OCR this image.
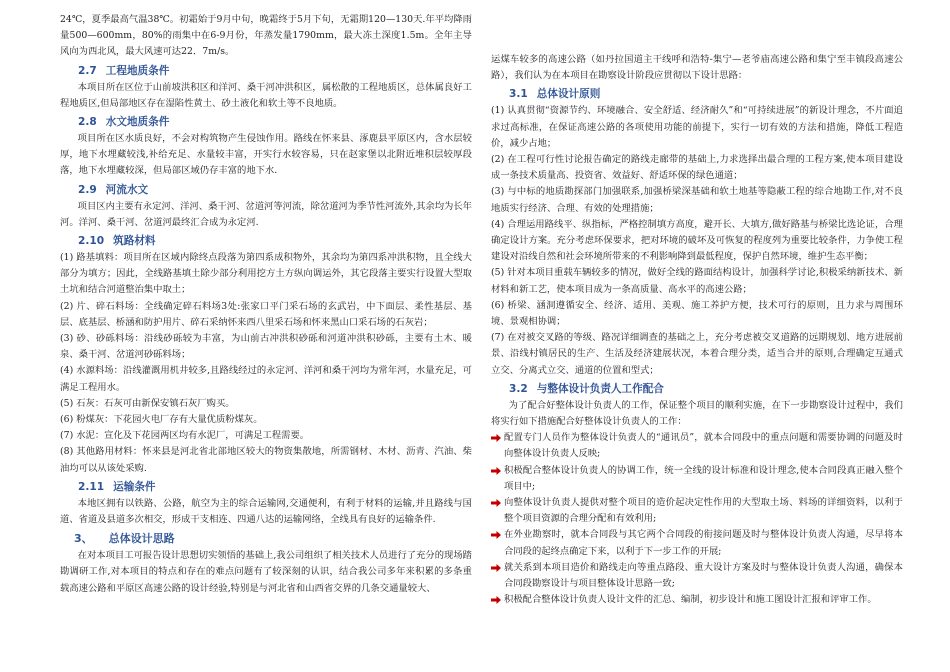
24℃，夏季最高气温38℃。初霜始于9月中旬，晚霜终于5月下旬，无霜期120—130天.年平均降雨量500—600mm，80%的雨集中在6-9月份，年蒸发量1790mm，最大冻土深度1.5m。全年主导风向为西北风，最大风速可达22．7m/s。

2.7 工程地质条件

本项目所在区位于山前坡洪积区和洋河、桑干河冲洪积区，属松散的工程地质区，总体属良好工程地质区,但局部地区存在湿陷性黄土、砂土液化和软土等不良地质。

2.8 水文地质条件

项目所在区水质良好，不会对构筑物产生侵蚀作用。路线在怀来县、涿鹿县平原区内，含水层较厚，地下水埋藏较浅,补给充足、水量较丰富，开实行水较容易，只在赵家堡以北附近堆积层较厚段落，地下水埋藏较深，但局部区域仍存丰富的地下水.

2.9 河流水文

项目区内主要有永定河、洋河、桑干河、岔道河等河流，除岔道河为季节性河流外,其余均为长年河。洋河、桑干河、岔道河最终汇合成为永定河.

2.10 筑路材料

(1) 路基填料：项目所在区域内除终点段落为第四系成积物外，其余均为第四系冲洪积物，且全线大部分为填方；因此，全线路基填土除少部分利用挖方土方纵向调运外，其它段落主要实行设置大型取土坑和结合河道整治集中取土；

(2) 片、碎石料场：全线确定碎石料场3处:张家口平门采石场的玄武岩，中下面层、柔性基层、基层、底基层、桥涵和防护用片、碎石采纳怀来西八里采石场和怀来黑山口采石场的石灰岩；

(3) 砂、砂砾料场：沿线砂砾较为丰富，为山前古冲洪积砂砾和河道冲洪积砂砾，主要有土木、暖泉、桑干河、岔道河砂砾料场；

(4) 水源料场：沿线灌溉用机井较多,且路线经过的永定河、洋河和桑干河均为常年河，水量充足，可满足工程用水。

(5) 石灰：石灰可由新保安镇石灰厂购买。

(6) 粉煤灰：下花园火电厂存有大量优质粉煤灰。

(7) 水泥：宣化及下花园两区均有水泥厂，可满足工程需要。

(8) 其他路用材料：怀来县是河北省北部地区较大的物资集散地，所需钢材、木材、沥青、汽油、柴油均可以从该处采购.

2.11 运输条件

本地区拥有以铁路、公路，航空为主的综合运输网,交通便利，有利于材料的运输,并且路线与国道、省道及县道多次相交，形成干支相连、四通八达的运输网络，全线具有良好的运输条件.

3、 总体设计思路

在对本项目工可报告设计思想切实领悟的基础上,我公司组织了相关技术人员进行了充分的现场踏勘调研工作,对本项目的特点和存在的难点问题有了较深刻的认识，结合我公司多年来积累的多条重载高速公路和平原区高速公路的设计经验,特别是与河北省和山西省交界的几条交通量较大、

运煤车较多的高速公路（如丹拉国道主干线呼和浩特-集宁—老爷庙高速公路和集宁至丰镇段高速公路），我们认为在本项目在勘察设计阶段应贯彻以下设计思路：

3.1 总体设计原则

(1) 认真贯彻“资源节约、环境融合、安全舒适、经济耐久”和“可持续进展”的新设计理念，不片面追求过高标准，在保证高速公路的各项使用功能的前提下，实行一切有效的方法和措施，降低工程造价，减少占地；

(2) 在工程可行性讨论报告确定的路线走廊带的基础上,力求选择出最合理的工程方案,使本项目建设成一条技术质量高、投资省、效益好、舒适环保的绿色通道；

(3) 与中标的地质勘探部门加强联系,加强桥梁深基础和软土地基等隐蔽工程的综合地勘工作,对不良地质实行经济、合理、有效的处理措施；

(4) 合理运用路线平、纵指标，严格控制填方高度，避开长、大填方,做好路基与桥梁比选论证，合理确定设计方案。充分考虑环保要求，把对环境的破坏及可恢复的程度列为重要比较条件，力争使工程建设对沿线自然和社会环境所带来的不利影响降到最低程度，保护自然环境，维护生态平衡；

(5) 针对本项目重载车辆较多的情况，做好全线的路面结构设计，加强科学讨论,积极采纳新技术、新材料和新工艺，使本项目成为一条高质量、高水平的高速公路；

(6) 桥梁、涵洞遵循安全、经济、适用、美观、施工养护方便，技术可行的原则，且力求与周围环境、景观相协调；

(7) 在对被交叉路的等级、路况详细调查的基础之上，充分考虑被交叉道路的远期规划、地方进展前景、沿线村镇居民的生产、生活及经济建展状况，本着合理分类，适当合并的原则,合理确定互通式立交、分离式立交、通道的位置和型式；

3.2 与整体设计负责人工作配合

为了配合好整体设计负责人的工作，保证整个项目的顺利实施，在下一步勘察设计过程中，我们将实行如下措施配合好整体设计负责人的工作：

配置专门人员作为整体设计负责人的“通讯员”，就本合同段中的重点问题和需要协调的问题及时向整体设计负责人反映;

积极配合整体设计负责人的协调工作，统一全线的设计标准和设计理念,使本合同段真正融入整个项目中;

向整体设计负责人提供对整个项目的造价起决定性作用的大型取土场、料场的详细资料，以利于整个项目资源的合理分配和有效利用;

在外业勘察时，就本合同段与其它两个合同段的衔接问题及时与整体设计负责人沟通，尽早将本合同段的起终点确定下来，以利于下一步工作的开展;

就关系到本项目造价和路线走向等重点路段、重大设计方案及时与整体设计负责人沟通，确保本合同段勘察设计与项目整体设计思路一致;

积极配合整体设计负责人设计文件的汇总、编制，初步设计和施工图设计汇报和评审工作。
